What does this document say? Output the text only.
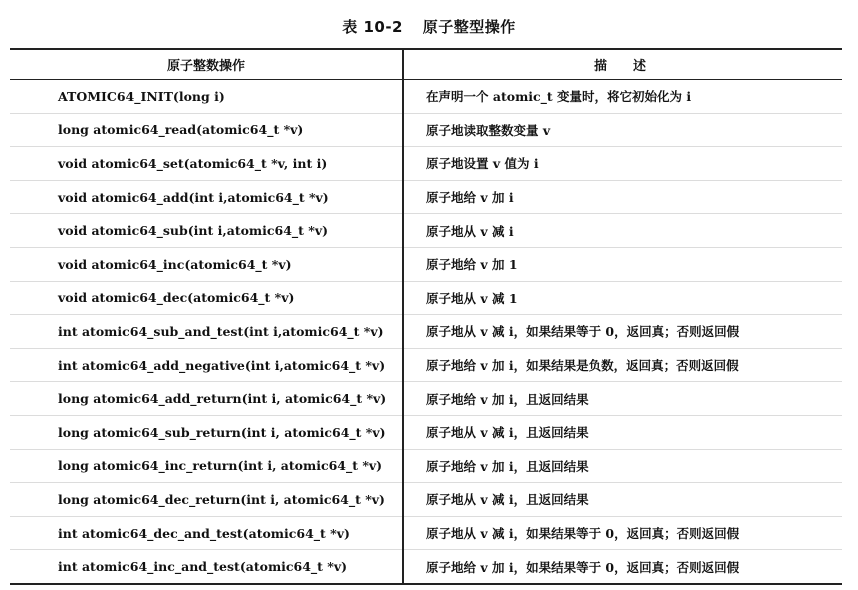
表 10-2 原子整型操作
原子整数操作	描述
ATOMIC64_INIT(long i)	在声明一个 atomic_t 变量时，将它初始化为 i
long atomic64_read(atomic64_t *v)	原子地读取整数变量 v
void atomic64_set(atomic64_t *v, int i)	原子地设置 v 值为 i
void atomic64_add(int i,atomic64_t *v)	原子地给 v 加 i
void atomic64_sub(int i,atomic64_t *v)	原子地从 v 减 i
void atomic64_inc(atomic64_t *v)	原子地给 v 加 1
void atomic64_dec(atomic64_t *v)	原子地从 v 减 1
int atomic64_sub_and_test(int i,atomic64_t *v)	原子地从 v 减 i，如果结果等于 0，返回真；否则返回假
int atomic64_add_negative(int i,atomic64_t *v)	原子地给 v 加 i，如果结果是负数，返回真；否则返回假
long atomic64_add_return(int i, atomic64_t *v)	原子地给 v 加 i，且返回结果
long atomic64_sub_return(int i, atomic64_t *v)	原子地从 v 减 i，且返回结果
long atomic64_inc_return(int i, atomic64_t *v)	原子地给 v 加 i，且返回结果
long atomic64_dec_return(int i, atomic64_t *v)	原子地从 v 减 i，且返回结果
int atomic64_dec_and_test(atomic64_t *v)	原子地从 v 减 i，如果结果等于 0，返回真；否则返回假
int atomic64_inc_and_test(atomic64_t *v)	原子地给 v 加 i，如果结果等于 0，返回真；否则返回假
